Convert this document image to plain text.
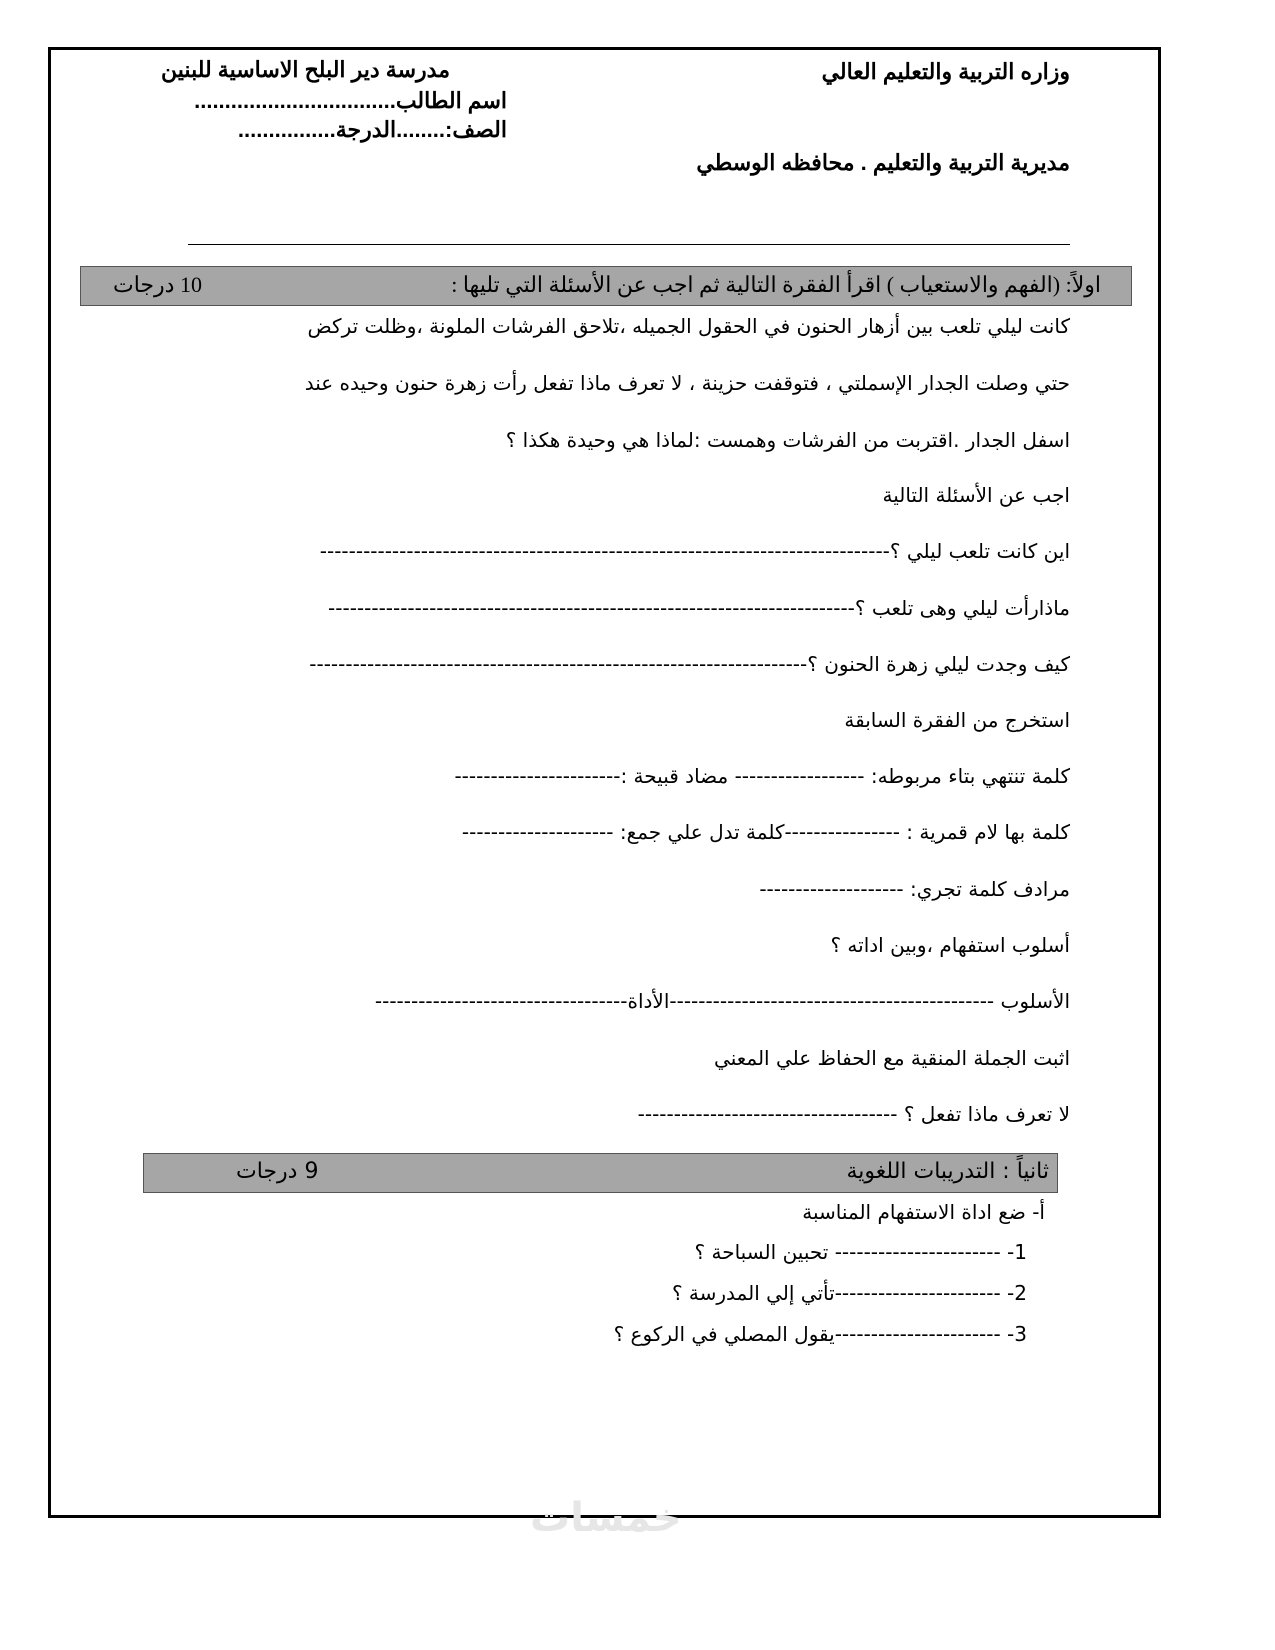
وزاره التربية والتعليم العالي
مدرسة دير البلح الاساسية للبنين
اسم الطالب.................................
الصف:........الدرجة................
مديرية التربية والتعليم . محافظه الوسطي
اولاً: (الفهم والاستعياب ) اقرأ الفقرة التالية ثم اجب عن الأسئلة التي تليها :
10 درجات
كانت ليلي تلعب بين أزهار الحنون في الحقول الجميله ،تلاحق الفرشات الملونة ،وظلت تركض
حتي وصلت الجدار الإسملتي ، فتوقفت حزينة ، لا تعرف ماذا تفعل رأت زهرة حنون وحيده عند
اسفل الجدار .اقتربت من الفرشات وهمست :لماذا هي وحيدة هكذا ؟
اجب عن الأسئلة التالية
اين كانت تلعب ليلي ؟-------------------------------------------------------------------------------
ماذارأت ليلي وهى تلعب ؟-------------------------------------------------------------------------
كيف وجدت ليلي زهرة الحنون ؟---------------------------------------------------------------------
استخرج من الفقرة السابقة
كلمة تنتهي بتاء مربوطه: ------------------ مضاد قبيحة :-----------------------
كلمة بها لام قمرية : ----------------كلمة تدل علي جمع: ---------------------
مرادف كلمة تجري: --------------------
أسلوب استفهام ،وبين اداته ؟
الأسلوب ---------------------------------------------الأداة-----------------------------------
اثبت الجملة المنقية مع الحفاظ علي المعني
لا تعرف ماذا تفعل ؟ ------------------------------------
ثانياً : التدريبات اللغوية
9 درجات
أ- ضع اداة الاستفهام المناسبة
1- ----------------------- تحبين السباحة ؟
2- -----------------------تأتي إلي المدرسة ؟
3- -----------------------يقول المصلي في الركوع ؟
خمسات
